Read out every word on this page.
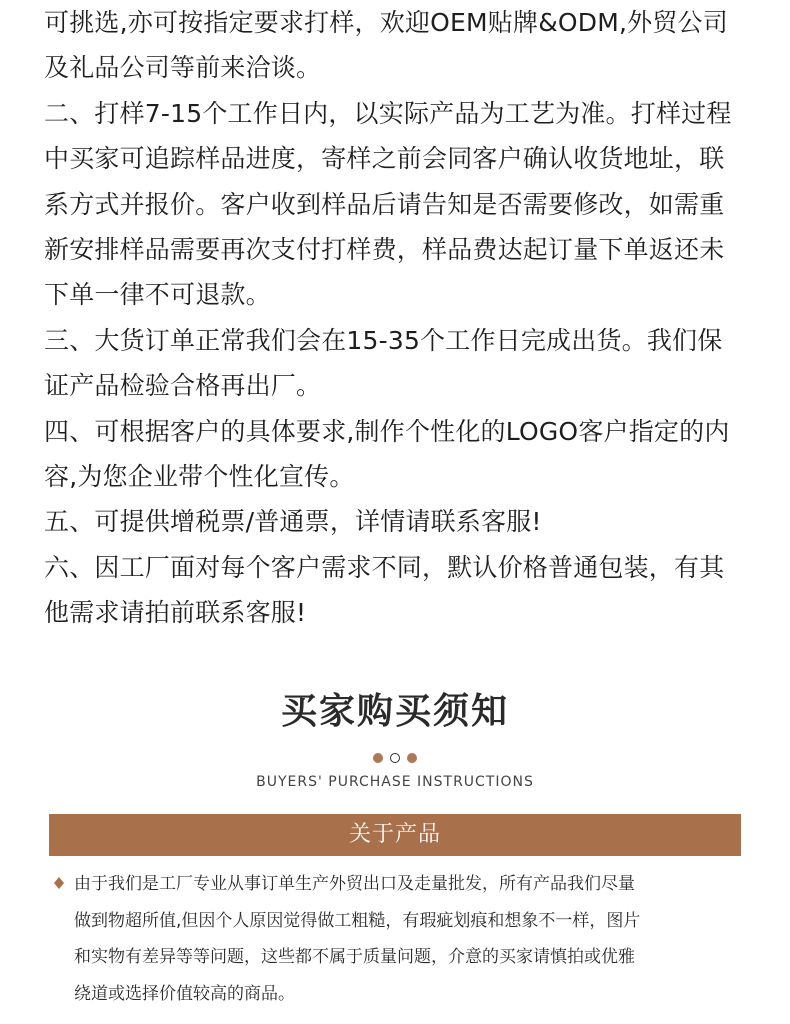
可挑选,亦可按指定要求打样，欢迎OEM贴牌&ODM,外贸公司
及礼品公司等前来洽谈。
二、打样7-15个工作日内，以实际产品为工艺为准。打样过程
中买家可追踪样品进度，寄样之前会同客户确认收货地址，联
系方式并报价。客户收到样品后请告知是否需要修改，如需重
新安排样品需要再次支付打样费，样品费达起订量下单返还未
下单一律不可退款。
三、大货订单正常我们会在15-35个工作日完成出货。我们保
证产品检验合格再出厂。
四、可根据客户的具体要求,制作个性化的LOGO客户指定的内
容,为您企业带个性化宣传。
五、可提供增税票/普通票，详情请联系客服!
六、因工厂面对每个客户需求不同，默认价格普通包装，有其
他需求请拍前联系客服!
买家购买须知
BUYERS' PURCHASE INSTRUCTIONS
关于产品
由于我们是工厂专业从事订单生产外贸出口及走量批发，所有产品我们尽量
做到物超所值,但因个人原因觉得做工粗糙，有瑕疵划痕和想象不一样，图片
和实物有差异等等问题，这些都不属于质量问题，介意的买家请慎拍或优雅
绕道或选择价值较高的商品。
